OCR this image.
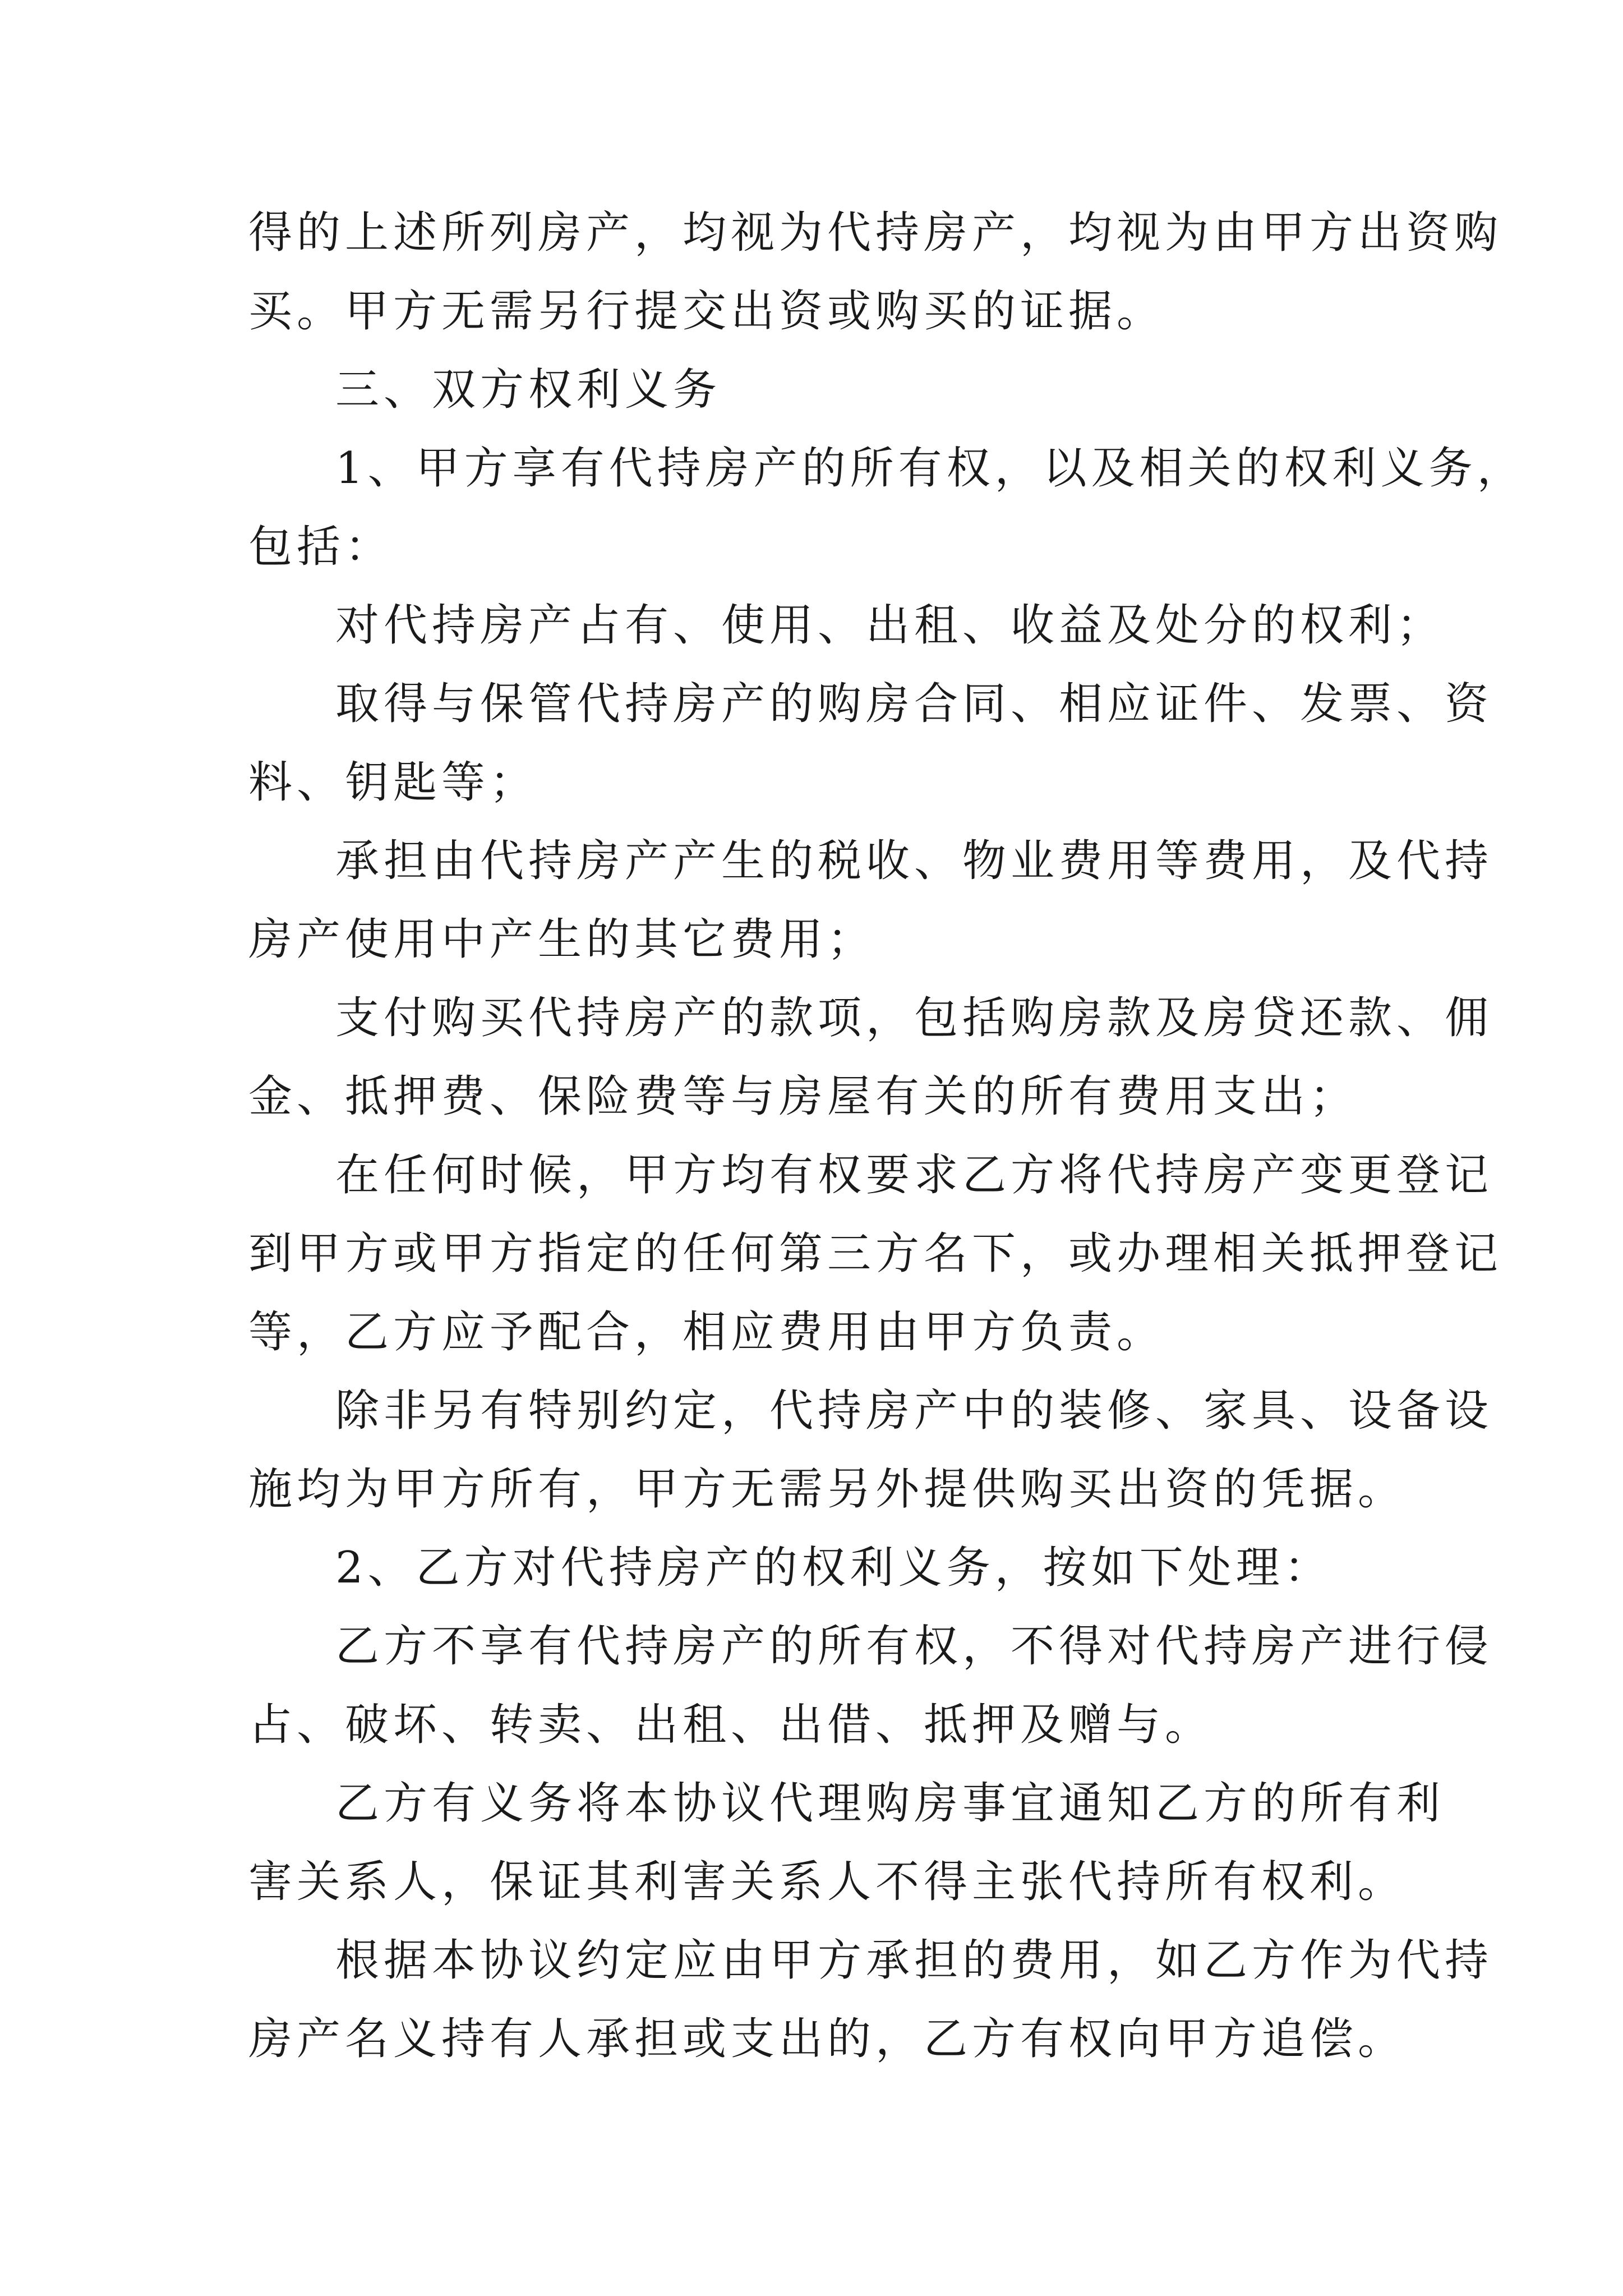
得的上述所列房产，均视为代持房产，均视为由甲方出资购
买。甲方无需另行提交出资或购买的证据。
三、双方权利义务
1、甲方享有代持房产的所有权，以及相关的权利义务，
包括：
对代持房产占有、使用、出租、收益及处分的权利；
取得与保管代持房产的购房合同、相应证件、发票、资
料、钥匙等；
承担由代持房产产生的税收、物业费用等费用，及代持
房产使用中产生的其它费用；
支付购买代持房产的款项，包括购房款及房贷还款、佣
金、抵押费、保险费等与房屋有关的所有费用支出；
在任何时候，甲方均有权要求乙方将代持房产变更登记
到甲方或甲方指定的任何第三方名下，或办理相关抵押登记
等，乙方应予配合，相应费用由甲方负责。
除非另有特别约定，代持房产中的装修、家具、设备设
施均为甲方所有，甲方无需另外提供购买出资的凭据。
2、乙方对代持房产的权利义务，按如下处理：
乙方不享有代持房产的所有权，不得对代持房产进行侵
占、破坏、转卖、出租、出借、抵押及赠与。
乙方有义务将本协议代理购房事宜通知乙方的所有利
害关系人，保证其利害关系人不得主张代持所有权利。
根据本协议约定应由甲方承担的费用，如乙方作为代持
房产名义持有人承担或支出的，乙方有权向甲方追偿。
